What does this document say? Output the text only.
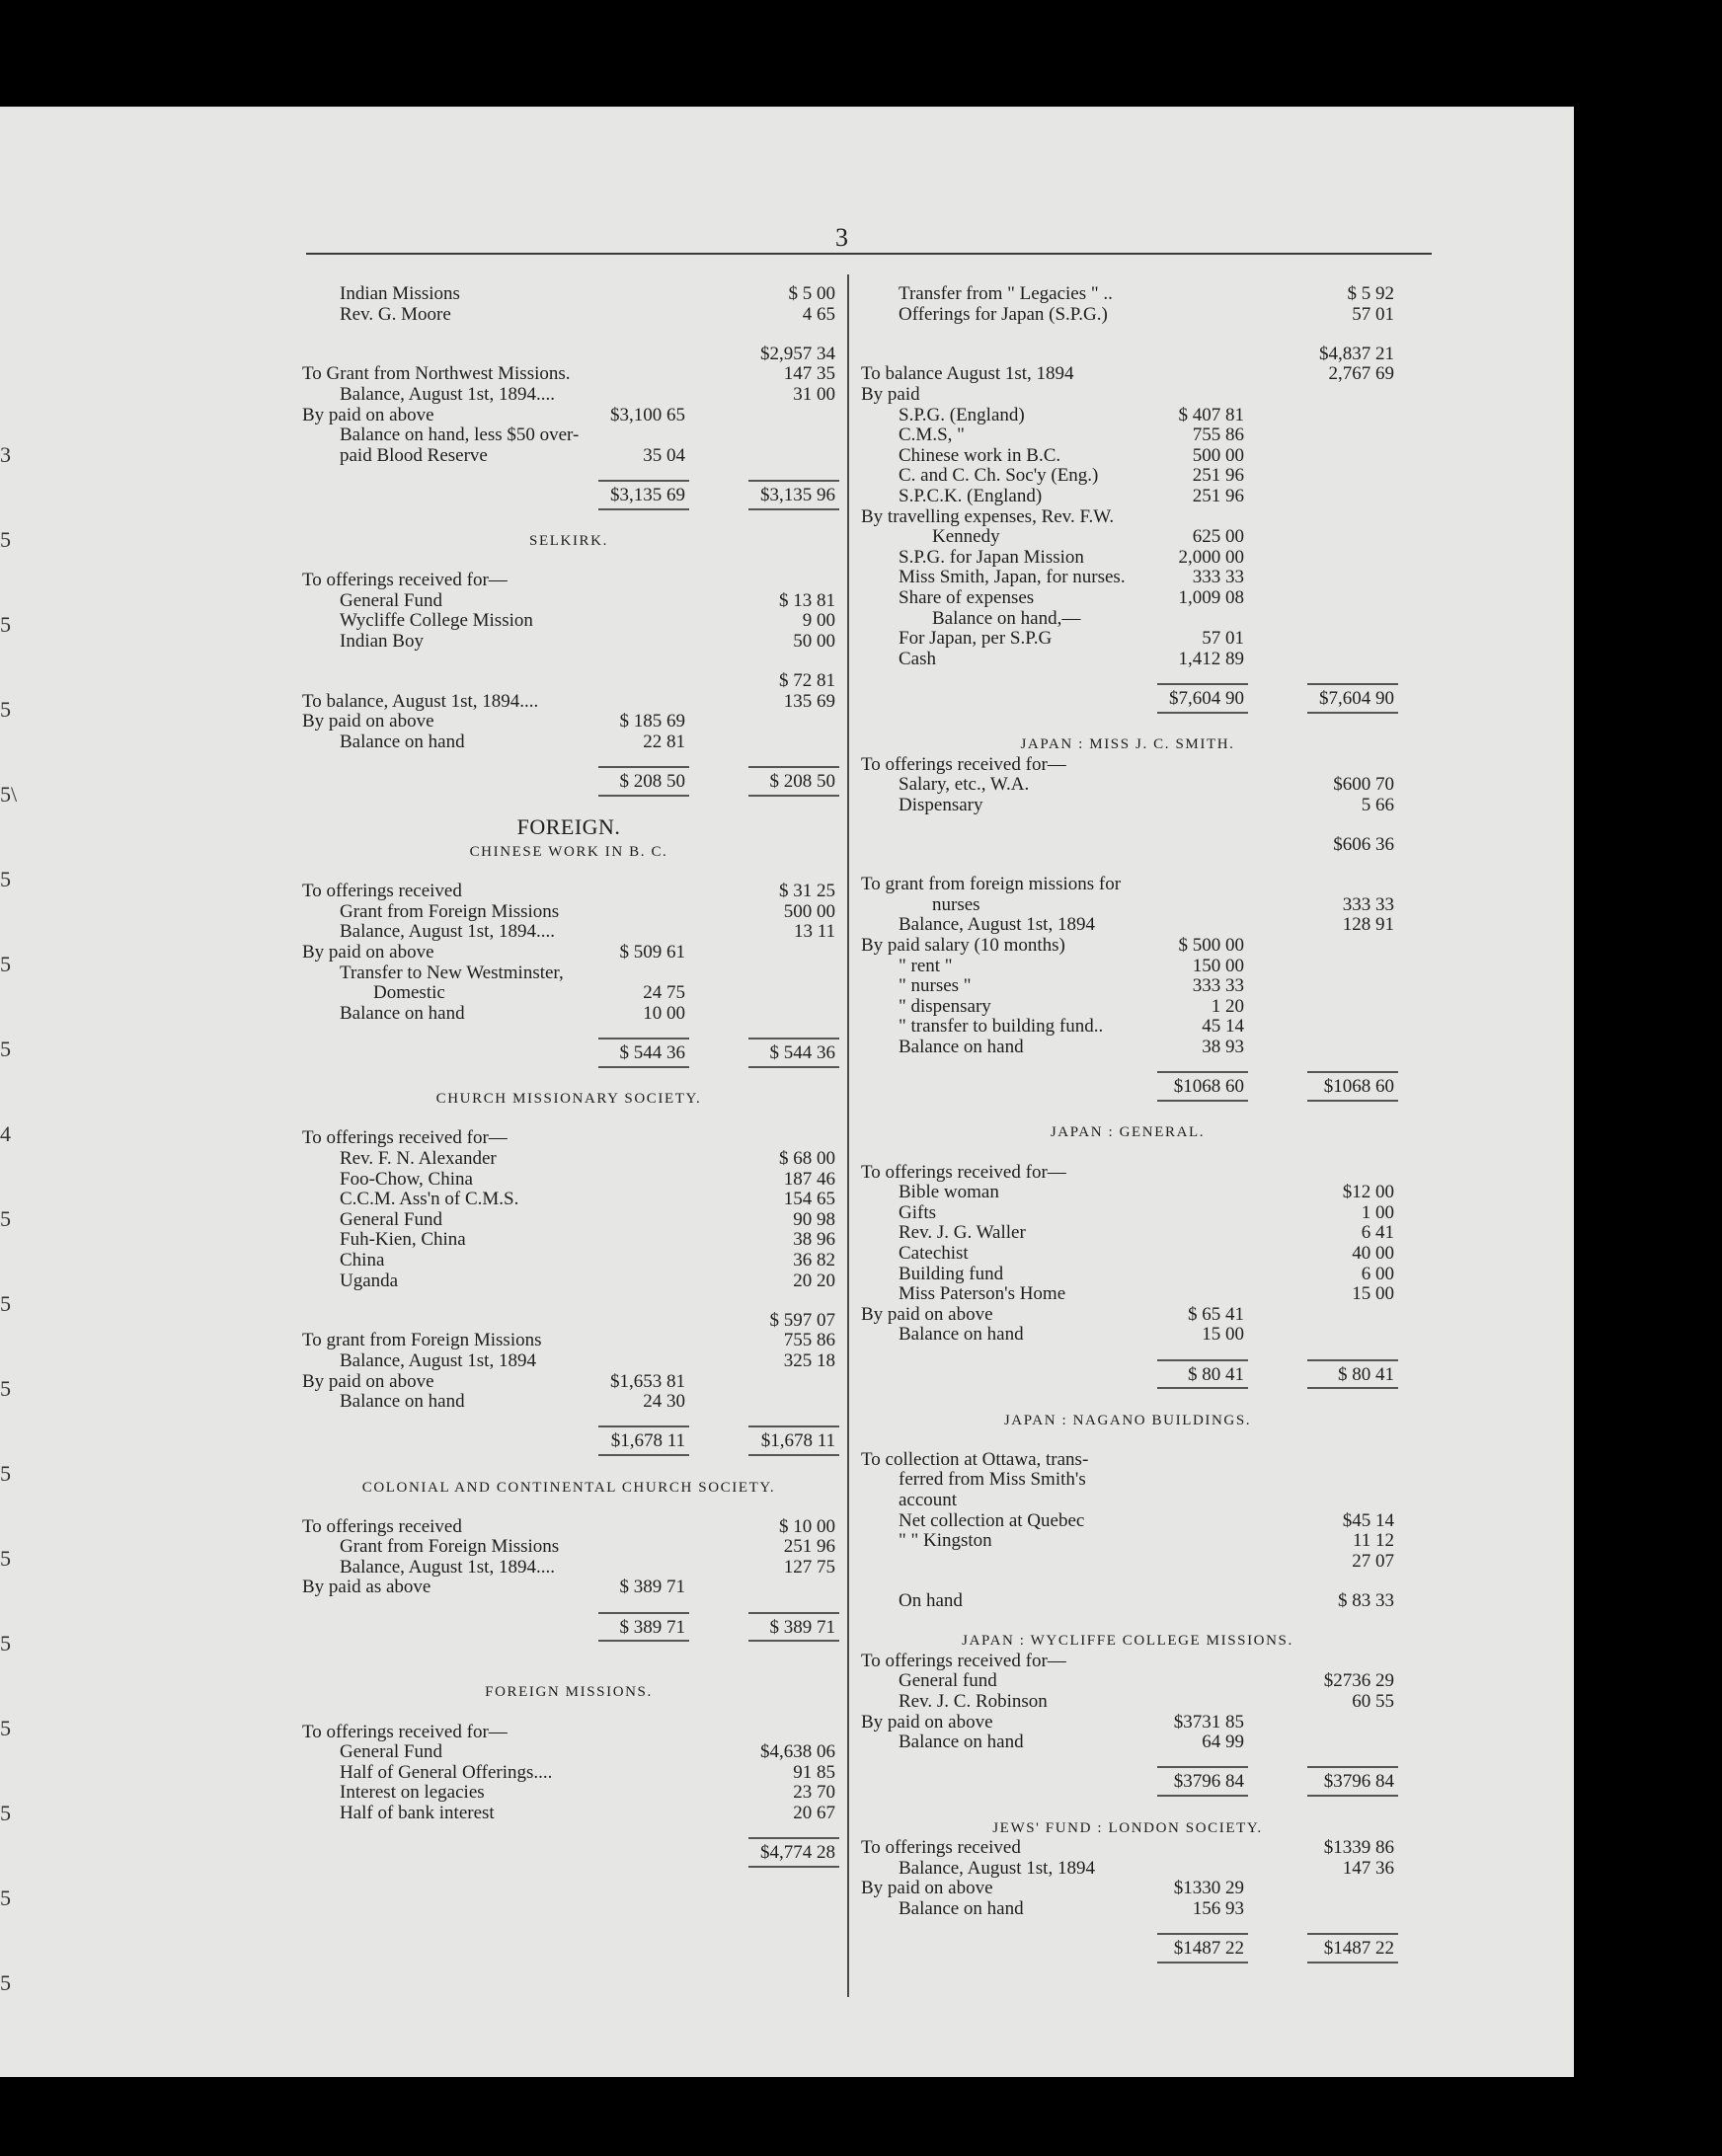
3
5
5
5
5\
5
5
5
4
5
5
5
5
5
5
5
5
5
5
3
Indian Missions	$ 5 00
Rev. G. Moore	4 65
$2,957 34
To Grant from Northwest Missions.	147 35
Balance, August 1st, 1894....	31 00
By paid on above	$3,100 65
Balance on hand, less $50 over-
paid Blood Reserve	35 04
$3,135 69	$3,135 96
SELKIRK.
To offerings received for—
General Fund	$ 13 81
Wycliffe College Mission	9 00
Indian Boy	50 00
$ 72 81
To balance, August 1st, 1894....	135 69
By paid on above	$ 185 69
Balance on hand	22 81
$ 208 50	$ 208 50
FOREIGN.
CHINESE WORK IN B. C.
To offerings received	$ 31 25
Grant from Foreign Missions	500 00
Balance, August 1st, 1894....	13 11
By paid on above	$ 509 61
Transfer to New Westminster,
Domestic	24 75
Balance on hand	10 00
$ 544 36	$ 544 36
CHURCH MISSIONARY SOCIETY.
To offerings received for—
Rev. F. N. Alexander	$ 68 00
Foo-Chow, China	187 46
C.C.M. Ass'n of C.M.S.	154 65
General Fund	90 98
Fuh-Kien, China	38 96
China	36 82
Uganda	20 20
$ 597 07
To grant from Foreign Missions	755 86
Balance, August 1st, 1894	325 18
By paid on above	$1,653 81
Balance on hand	24 30
$1,678 11	$1,678 11
COLONIAL AND CONTINENTAL CHURCH SOCIETY.
To offerings received	$ 10 00
Grant from Foreign Missions	251 96
Balance, August 1st, 1894....	127 75
By paid as above	$ 389 71
$ 389 71	$ 389 71
FOREIGN MISSIONS.
To offerings received for—
General Fund	$4,638 06
Half of General Offerings....	91 85
Interest on legacies	23 70
Half of bank interest	20 67
$4,774 28
Transfer from " Legacies " ..	$ 5 92
Offerings for Japan (S.P.G.)	57 01
$4,837 21
To balance August 1st, 1894	2,767 69
By paid
S.P.G. (England)	$ 407 81
C.M.S, "	755 86
Chinese work in B.C.	500 00
C. and C. Ch. Soc'y (Eng.)	251 96
S.P.C.K. (England)	251 96
By travelling expenses, Rev. F.W.
Kennedy	625 00
S.P.G. for Japan Mission	2,000 00
Miss Smith, Japan, for nurses.	333 33
Share of expenses	1,009 08
Balance on hand,—
For Japan, per S.P.G	57 01
Cash	1,412 89
$7,604 90	$7,604 90
JAPAN : MISS J. C. SMITH.
To offerings received for—
Salary, etc., W.A.	$600 70
Dispensary	5 66
$606 36
To grant from foreign missions for
nurses	333 33
Balance, August 1st, 1894	128 91
By paid salary (10 months)	$ 500 00
" rent "	150 00
" nurses "	333 33
" dispensary	1 20
" transfer to building fund..	45 14
Balance on hand	38 93
$1068 60	$1068 60
JAPAN : GENERAL.
To offerings received for—
Bible woman	$12 00
Gifts	1 00
Rev. J. G. Waller	6 41
Catechist	40 00
Building fund	6 00
Miss Paterson's Home	15 00
By paid on above	$ 65 41
Balance on hand	15 00
$ 80 41	$ 80 41
JAPAN : NAGANO BUILDINGS.
To collection at Ottawa, trans-
ferred from Miss Smith's
account
Net collection at Quebec	$45 14
" " Kingston	11 12
27 07
On hand	$ 83 33
JAPAN : WYCLIFFE COLLEGE MISSIONS.
To offerings received for—
General fund	$2736 29
Rev. J. C. Robinson	60 55
By paid on above	$3731 85
Balance on hand	64 99
$3796 84	$3796 84
JEWS' FUND : LONDON SOCIETY.
To offerings received	$1339 86
Balance, August 1st, 1894	147 36
By paid on above	$1330 29
Balance on hand	156 93
$1487 22	$1487 22
